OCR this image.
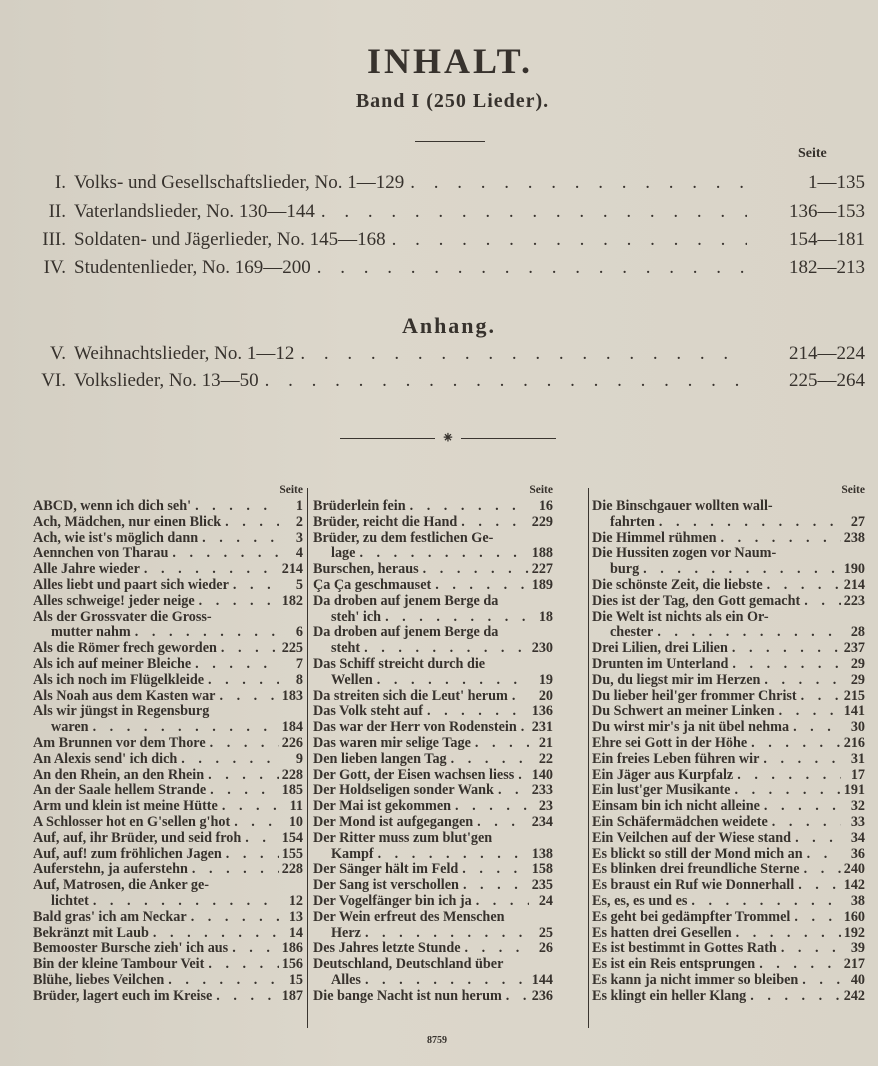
INHALT.
Band I (250 Lieder).
Seite
I. Volks- und Gesellschaftslieder, No. 1—129 . . .	1—135
II. Vaterlandslieder, No. 130—144 . . .	136—153
III. Soldaten- und Jägerlieder, No. 145—168 . . .	154—181
IV. Studentenlieder, No. 169—200 . . .	182—213
Anhang.
V. Weihnachtslieder, No. 1—12 . . .	214—224
VI. Volkslieder, No. 13—50 . . .	225—264
⁕
Seite
ABCD, wenn ich dich seh' . . .	1
Ach, Mädchen, nur einen Blick . . .	2
Ach, wie ist's möglich dann . . .	3
Aennchen von Tharau . . .	4
Alle Jahre wieder . . .	214
Alles liebt und paart sich wieder . . .	5
Alles schweige! jeder neige . . .	182
Als der Grossvater die Gross-
mutter nahm . . .	6
Als die Römer frech geworden . . .	225
Als ich auf meiner Bleiche . . .	7
Als ich noch im Flügelkleide . . .	8
Als Noah aus dem Kasten war . . .	183
Als wir jüngst in Regensburg
waren . . .	184
Am Brunnen vor dem Thore . . .	226
An Alexis send' ich dich . . .	9
An den Rhein, an den Rhein . . .	228
An der Saale hellem Strande . . .	185
Arm und klein ist meine Hütte . . .	11
A Schlosser hot en G'sellen g'hot . . .	10
Auf, auf, ihr Brüder, und seid froh . . .	154
Auf, auf! zum fröhlichen Jagen . . .	155
Auferstehn, ja auferstehn . . .	228
Auf, Matrosen, die Anker ge-
lichtet . . .	12
Bald gras' ich am Neckar . . .	13
Bekränzt mit Laub . . .	14
Bemooster Bursche zieh' ich aus . . .	186
Bin der kleine Tambour Veit . . .	156
Blühe, liebes Veilchen . . .	15
Brüder, lagert euch im Kreise . . .	187
Seite
Brüderlein fein . . .	16
Brüder, reicht die Hand . . .	229
Brüder, zu dem festlichen Ge-
lage . . .	188
Burschen, heraus . . .	227
Ça Ça geschmauset . . .	189
Da droben auf jenem Berge da
steh' ich . . .	18
Da droben auf jenem Berge da
steht . . .	230
Das Schiff streicht durch die
Wellen . . .	19
Da streiten sich die Leut' herum . . .	20
Das Volk steht auf . . .	136
Das war der Herr von Rodenstein . . . 231
Das waren mir selige Tage . . .	21
Den lieben langen Tag . . .	22
Der Gott, der Eisen wachsen liess . . . 140
Der Holdseligen sonder Wank . . .	233
Der Mai ist gekommen . . .	23
Der Mond ist aufgegangen . . .	234
Der Ritter muss zum blut'gen
Kampf . . .	138
Der Sänger hält im Feld . . .	158
Der Sang ist verschollen . . .	235
Der Vogelfänger bin ich ja . . .	24
Der Wein erfreut des Menschen
Herz . . .	25
Des Jahres letzte Stunde . . .	26
Deutschland, Deutschland über
Alles . . .	144
Die bange Nacht ist nun herum . . . 236
Seite
Die Binschgauer wollten wall-
fahrten . . .	27
Die Himmel rühmen . . .	238
Die Hussiten zogen vor Naum-
burg . . .	190
Die schönste Zeit, die liebste . . .	214
Dies ist der Tag, den Gott gemacht . . .	223
Die Welt ist nichts als ein Or-
chester . . .	28
Drei Lilien, drei Lilien . . .	237
Drunten im Unterland . . .	29
Du, du liegst mir im Herzen . . .	29
Du lieber heil'ger frommer Christ . . .	215
Du Schwert an meiner Linken . . .	141
Du wirst mir's ja nit übel nehma . . .	30
Ehre sei Gott in der Höhe . . .	216
Ein freies Leben führen wir . . .	31
Ein Jäger aus Kurpfalz . . .	17
Ein lust'ger Musikante . . .	191
Einsam bin ich nicht alleine . . .	32
Ein Schäfermädchen weidete . . .	33
Ein Veilchen auf der Wiese stand . . .	34
Es blickt so still der Mond mich an . . .	36
Es blinken drei freundliche Sterne . . .	240
Es braust ein Ruf wie Donnerhall . . .	142
Es, es, es und es . . .	38
Es geht bei gedämpfter Trommel . . .	160
Es hatten drei Gesellen . . .	192
Es ist bestimmt in Gottes Rath . . .	39
Es ist ein Reis entsprungen . . .	217
Es kann ja nicht immer so bleiben . . .	40
Es klingt ein heller Klang . . .	242
8759
